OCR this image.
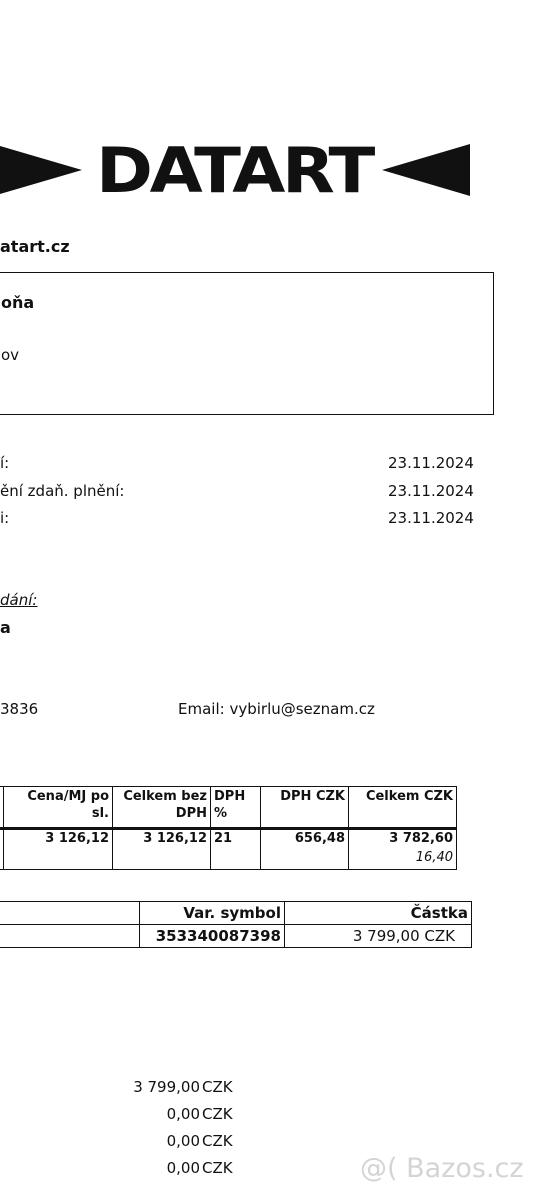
DATART
atart.cz
oňa
ov
í:	23.11.2024
ění zdaň. plnění:	23.11.2024
i:	23.11.2024
dání:
a
3836	Email: vybirlu@seznam.cz
	Cena/MJ po sl.	Celkem bez DPH	DPH %	DPH CZK	Celkem CZK
	3 126,12	3 126,12	21	656,48	3 782,60
					16,40
	Var. symbol	Částka
	353340087398	3 799,00 CZK
3 799,00 CZK
0,00 CZK
0,00 CZK
0,00 CZK	@( Bazos.cz
